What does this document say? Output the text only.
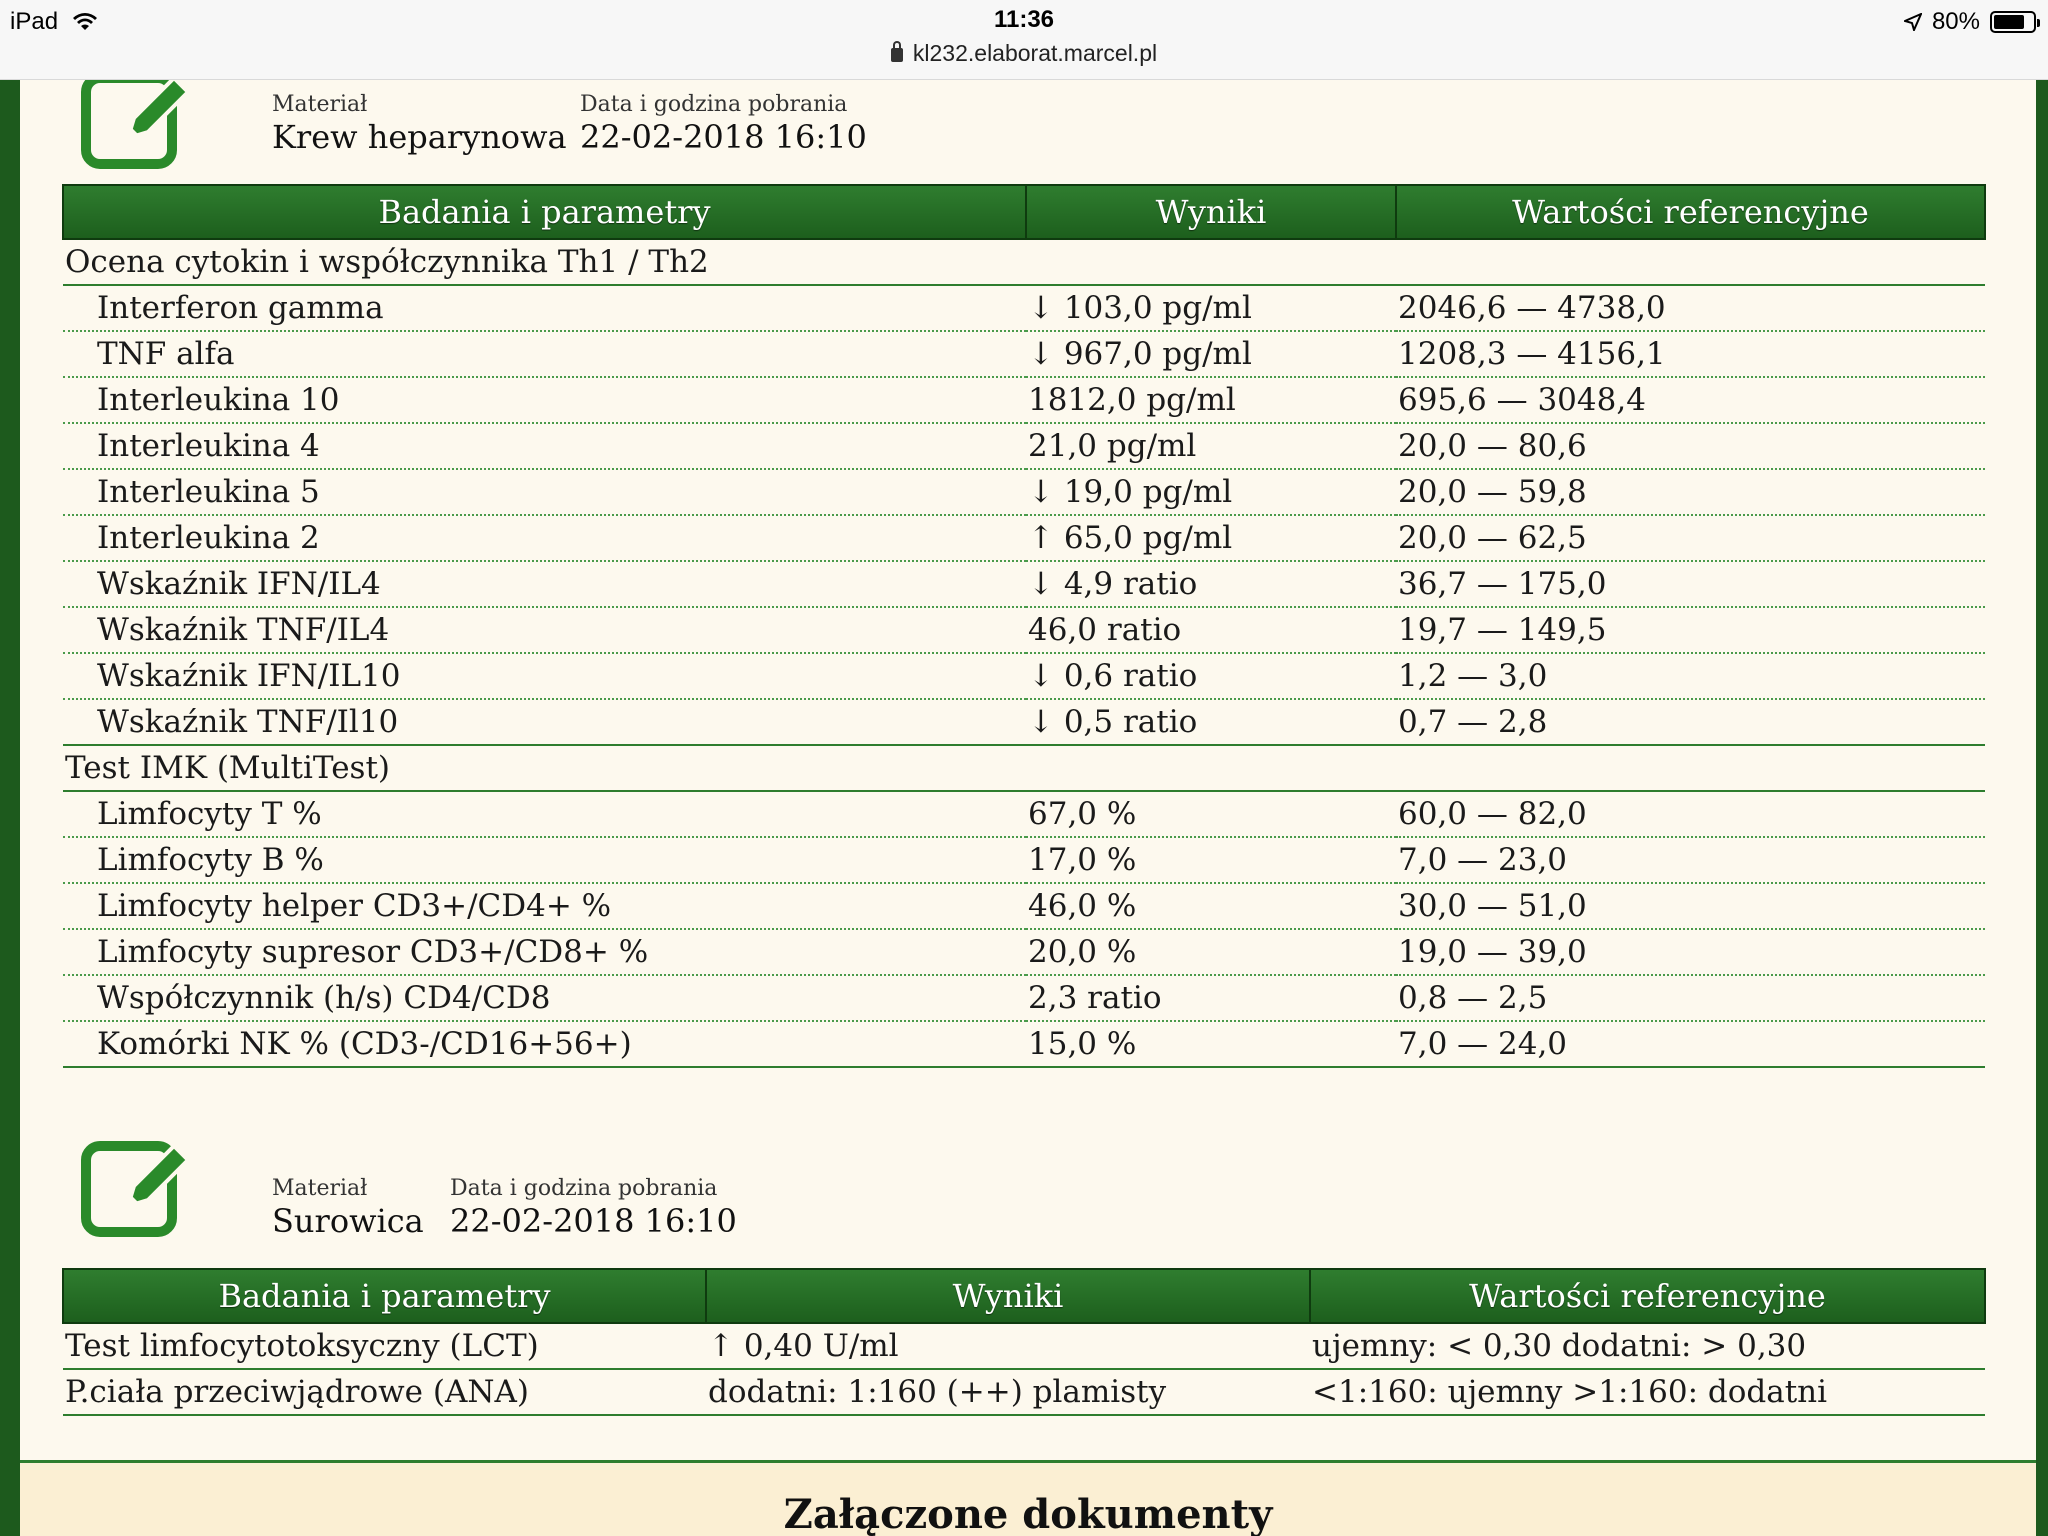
iPad	11:36
kl232.elaborat.marcel.pl
80%
Materiał
Krew heparynowa
Data i godzina pobrania
22-02-2018 16:10
Badania i parametry	Wyniki	Wartości referencyjne
Ocena cytokin i współczynnika Th1 / Th2		
Interferon gamma	↓ 103,0 pg/ml	2046,6 — 4738,0
TNF alfa	↓ 967,0 pg/ml	1208,3 — 4156,1
Interleukina 10	1812,0 pg/ml	695,6 — 3048,4
Interleukina 4	21,0 pg/ml	20,0 — 80,6
Interleukina 5	↓ 19,0 pg/ml	20,0 — 59,8
Interleukina 2	↑ 65,0 pg/ml	20,0 — 62,5
Wskaźnik IFN/IL4	↓ 4,9 ratio	36,7 — 175,0
Wskaźnik TNF/IL4	46,0 ratio	19,7 — 149,5
Wskaźnik IFN/IL10	↓ 0,6 ratio	1,2 — 3,0
Wskaźnik TNF/Il10	↓ 0,5 ratio	0,7 — 2,8
Test IMK (MultiTest)		
Limfocyty T %	67,0 %	60,0 — 82,0
Limfocyty B %	17,0 %	7,0 — 23,0
Limfocyty helper CD3+/CD4+ %	46,0 %	30,0 — 51,0
Limfocyty supresor CD3+/CD8+ %	20,0 %	19,0 — 39,0
Współczynnik (h/s) CD4/CD8	2,3 ratio	0,8 — 2,5
Komórki NK % (CD3-/CD16+56+)	15,0 %	7,0 — 24,0
Materiał
Surowica
Data i godzina pobrania
22-02-2018 16:10
Badania i parametry	Wyniki	Wartości referencyjne
Test limfocytotoksyczny (LCT)	↑ 0,40 U/ml	ujemny: < 0,30 dodatni: > 0,30
P.ciała przeciwjądrowe (ANA)	dodatni: 1:160 (++) plamisty	<1:160: ujemny >1:160: dodatni
Załączone dokumenty
